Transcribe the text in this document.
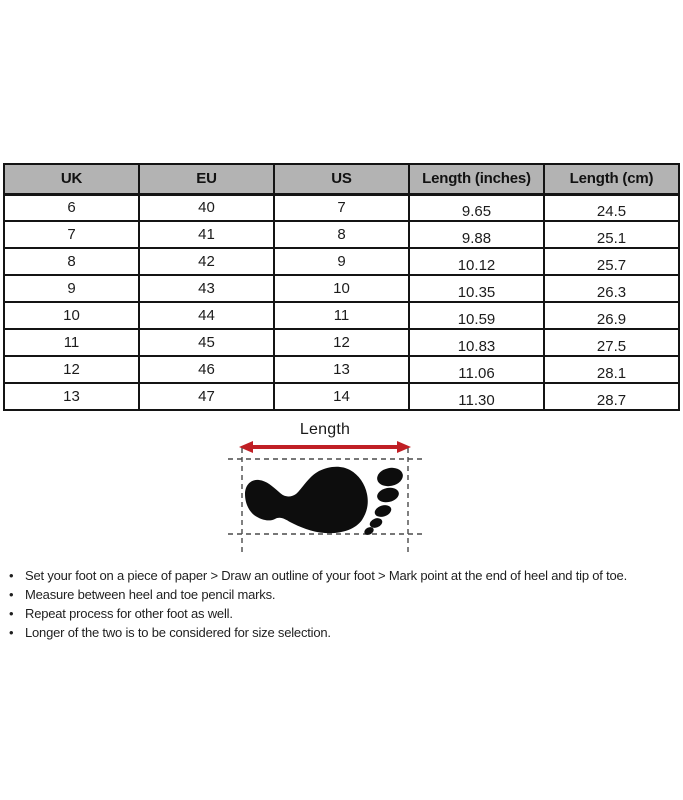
UK	EU	US	Length (inches)	Length (cm)
6	40	7	9.65	24.5
7	41	8	9.88	25.1
8	42	9	10.12	25.7
9	43	10	10.35	26.3
10	44	11	10.59	26.9
11	45	12	10.83	27.5
12	46	13	11.06	28.1
13	47	14	11.30	28.7
Length
• Set your foot on a piece of paper > Draw an outline of your foot > Mark point at the end of heel and tip of toe.
• Measure between heel and toe pencil marks.
• Repeat process for other foot as well.
• Longer of the two is to be considered for size selection.
